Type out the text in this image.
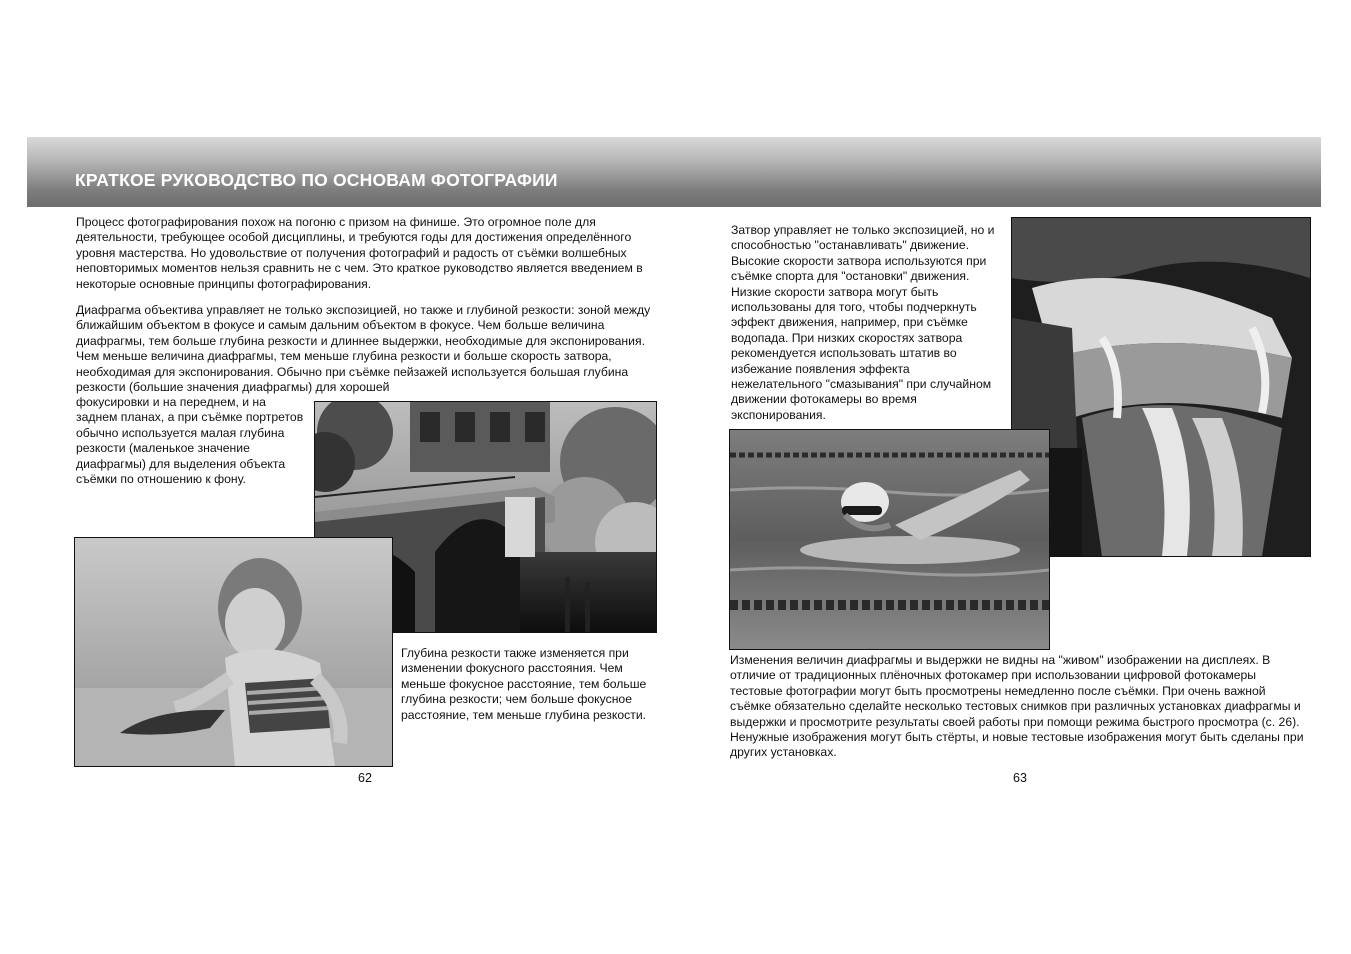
КРАТКОЕ РУКОВОДСТВО ПО ОСНОВАМ ФОТОГРАФИИ

Процесс фотографирования похож на погоню с призом на финише. Это огромное поле для деятельности, требующее особой дисциплины, и требуются годы для достижения определённого уровня мастерства. Но удовольствие от получения фотографий и радость от съёмки волшебных неповторимых моментов нельзя сравнить не с чем. Это краткое руководство является введением в некоторые основные принципы фотографирования.

Диафрагма объектива управляет не только экспозицией, но также и глубиной резкости: зоной между ближайшим объектом в фокусе и самым дальним объектом в фокусе. Чем больше величина диафрагмы, тем больше глубина резкости и длиннее выдержки, необходимые для экспонирования. Чем меньше величина диафрагмы, тем меньше глубина резкости и больше скорость затвора, необходимая для экспонирования. Обычно при съёмке пейзажей используется большая глубина резкости (большие значения диафрагмы) для хорошей

фокусировки и на переднем, и на заднем планах, а при съёмке портретов обычно используется малая глубина резкости (маленькое значение диафрагмы) для выделения объекта съёмки по отношению к фону.

Глубина резкости также изменяется при изменении фокусного расстояния. Чем меньше фокусное расстояние, тем больше глубина резкости; чем больше фокусное расстояние, тем меньше глубина резкости.

62

Затвор управляет не только экспозицией, но и способностью "останавливать" движение. Высокие скорости затвора используются при съёмке спорта для "остановки" движения. Низкие скорости затвора могут быть использованы для того, чтобы подчеркнуть эффект движения, например, при съёмке водопада. При низких скоростях затвора рекомендуется использовать штатив во избежание появления эффекта нежелательного "смазывания" при случайном движении фотокамеры во время экспонирования.

Изменения величин диафрагмы и выдержки не видны на "живом" изображении на дисплеях. В отличие от традиционных плёночных фотокамер при использовании цифровой фотокамеры тестовые фотографии могут быть просмотрены немедленно после съёмки. При очень важной съёмке обязательно сделайте несколько тестовых снимков при различных установках диафрагмы и выдержки и просмотрите результаты своей работы при помощи режима быстрого просмотра (с. 26). Ненужные изображения могут быть стёрты, и новые тестовые изображения могут быть сделаны при других установках.

63
